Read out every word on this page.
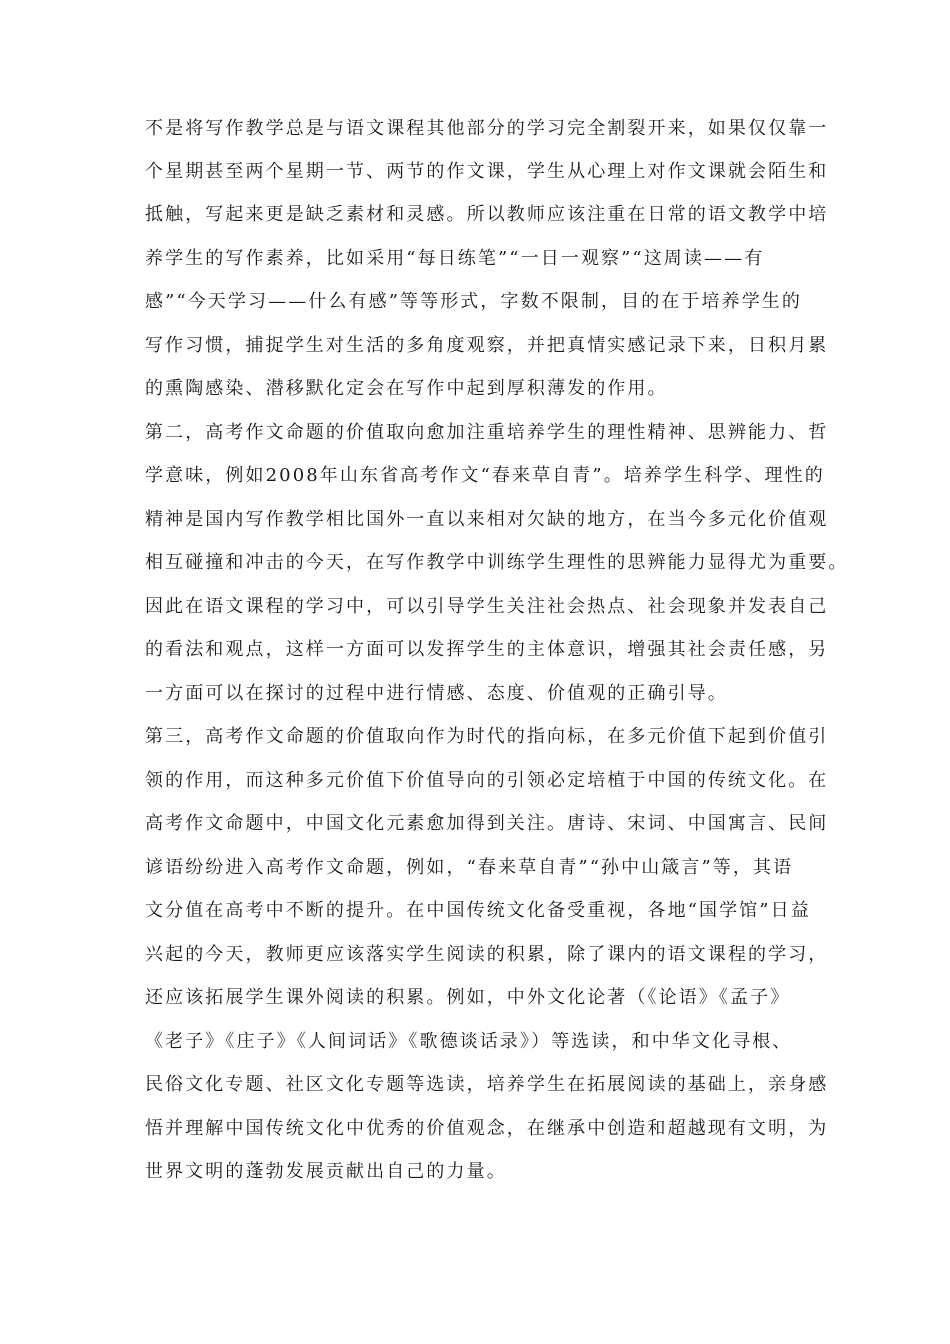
不是将写作教学总是与语文课程其他部分的学习完全割裂开来，如果仅仅靠一
个星期甚至两个星期一节、两节的作文课，学生从心理上对作文课就会陌生和
抵触，写起来更是缺乏素材和灵感。所以教师应该注重在日常的语文教学中培
养学生的写作素养，比如采用“每日练笔”“一日一观察”“这周读——有
感”“今天学习——什么有感”等等形式，字数不限制，目的在于培养学生的
写作习惯，捕捉学生对生活的多角度观察，并把真情实感记录下来，日积月累
的熏陶感染、潜移默化定会在写作中起到厚积薄发的作用。
第二，高考作文命题的价值取向愈加注重培养学生的理性精神、思辨能力、哲
学意味，例如2008年山东省高考作文“春来草自青”。培养学生科学、理性的
精神是国内写作教学相比国外一直以来相对欠缺的地方，在当今多元化价值观
相互碰撞和冲击的今天，在写作教学中训练学生理性的思辨能力显得尤为重要。
因此在语文课程的学习中，可以引导学生关注社会热点、社会现象并发表自己
的看法和观点，这样一方面可以发挥学生的主体意识，增强其社会责任感，另
一方面可以在探讨的过程中进行情感、态度、价值观的正确引导。
第三，高考作文命题的价值取向作为时代的指向标，在多元价值下起到价值引
领的作用，而这种多元价值下价值导向的引领必定培植于中国的传统文化。在
高考作文命题中，中国文化元素愈加得到关注。唐诗、宋词、中国寓言、民间
谚语纷纷进入高考作文命题，例如，“春来草自青”“孙中山箴言”等，其语
文分值在高考中不断的提升。在中国传统文化备受重视，各地“国学馆”日益
兴起的今天，教师更应该落实学生阅读的积累，除了课内的语文课程的学习，
还应该拓展学生课外阅读的积累。例如，中外文化论著（《论语》《孟子》
《老子》《庄子》《人间词话》《歌德谈话录》）等选读，和中华文化寻根、
民俗文化专题、社区文化专题等选读，培养学生在拓展阅读的基础上，亲身感
悟并理解中国传统文化中优秀的价值观念，在继承中创造和超越现有文明，为
世界文明的蓬勃发展贡献出自己的力量。
